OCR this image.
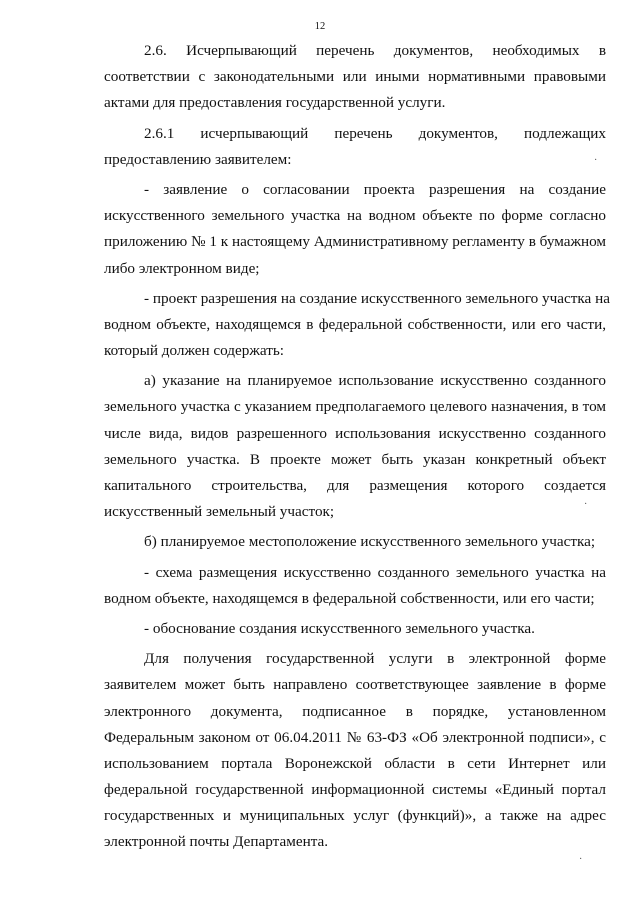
12
2.6. Исчерпывающий перечень документов, необходимых в
соответствии с законодательными или иными нормативными правовыми
актами для предоставления государственной услуги.
2.6.1 исчерпывающий перечень документов, подлежащих
предоставлению заявителем:
- заявление о согласовании проекта разрешения на создание
искусственного земельного участка на водном объекте по форме согласно
приложению № 1 к настоящему Административному регламенту в бумажном
либо электронном виде;
- проект разрешения на создание искусственного земельного участка на
водном объекте, находящемся в федеральной собственности, или его части,
который должен содержать:
а) указание на планируемое использование искусственно созданного
земельного участка с указанием предполагаемого целевого назначения, в том
числе вида, видов разрешенного использования искусственно созданного
земельного участка. В проекте может быть указан конкретный объект
капитального строительства, для размещения которого создается
искусственный земельный участок;
б) планируемое местоположение искусственного земельного участка;
- схема размещения искусственно созданного земельного участка на
водном объекте, находящемся в федеральной собственности, или его части;
- обоснование создания искусственного земельного участка.
Для получения государственной услуги в электронной форме
заявителем может быть направлено соответствующее заявление в форме
электронного документа, подписанное в порядке, установленном
Федеральным законом от 06.04.2011 № 63-ФЗ «Об электронной подписи», с
использованием портала Воронежской области в сети Интернет или
федеральной государственной информационной системы «Единый портал
государственных и муниципальных услуг (функций)», а также на адрес
электронной почты Департамента.
·
·
·
